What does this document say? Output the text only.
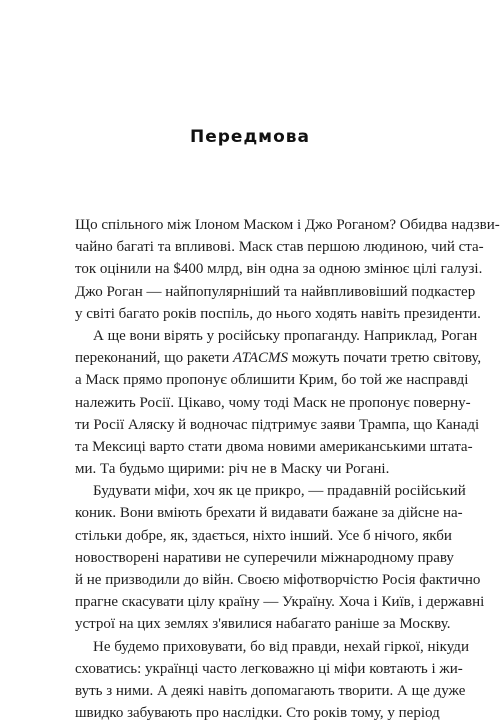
Передмова
Що спільного між Ілоном Маском і Джо Роганом? Обидва надзви-
чайно багаті та впливові. Маск став першою людиною, чий ста-
ток оцінили на $400 млрд, він одна за одною змінює цілі галузі.
Джо Роган — найпопулярніший та найвпливовіший подкастер
у світі багато років поспіль, до нього ходять навіть президенти.
А ще вони вірять у російську пропаганду. Наприклад, Роган
переконаний, що ракети ATACMS можуть почати третю світову,
а Маск прямо пропонує облишити Крим, бо той же насправді
належить Росії. Цікаво, чому тоді Маск не пропонує поверну-
ти Росії Аляску й водночас підтримує заяви Трампа, що Канаді
та Мексиці варто стати двома новими американськими штата-
ми. Та будьмо щирими: річ не в Маску чи Рогані.
Будувати міфи, хоч як це прикро, — прадавній російський
коник. Вони вміють брехати й видавати бажане за дійсне на-
стільки добре, як, здається, ніхто інший. Усе б нічого, якби
новостворені наративи не суперечили міжнародному праву
й не призводили до війн. Своєю міфотворчістю Росія фактично
прагне скасувати цілу країну — Україну. Хоча і Київ, і державні
устрої на цих землях з'явилися набагато раніше за Москву.
Не будемо приховувати, бо від правди, нехай гіркої, нікуди
сховатись: українці часто легковажно ці міфи ковтають і жи-
вуть з ними. А деякі навіть допомагають творити. А ще дуже
швидко забувають про наслідки. Сто років тому, у період
